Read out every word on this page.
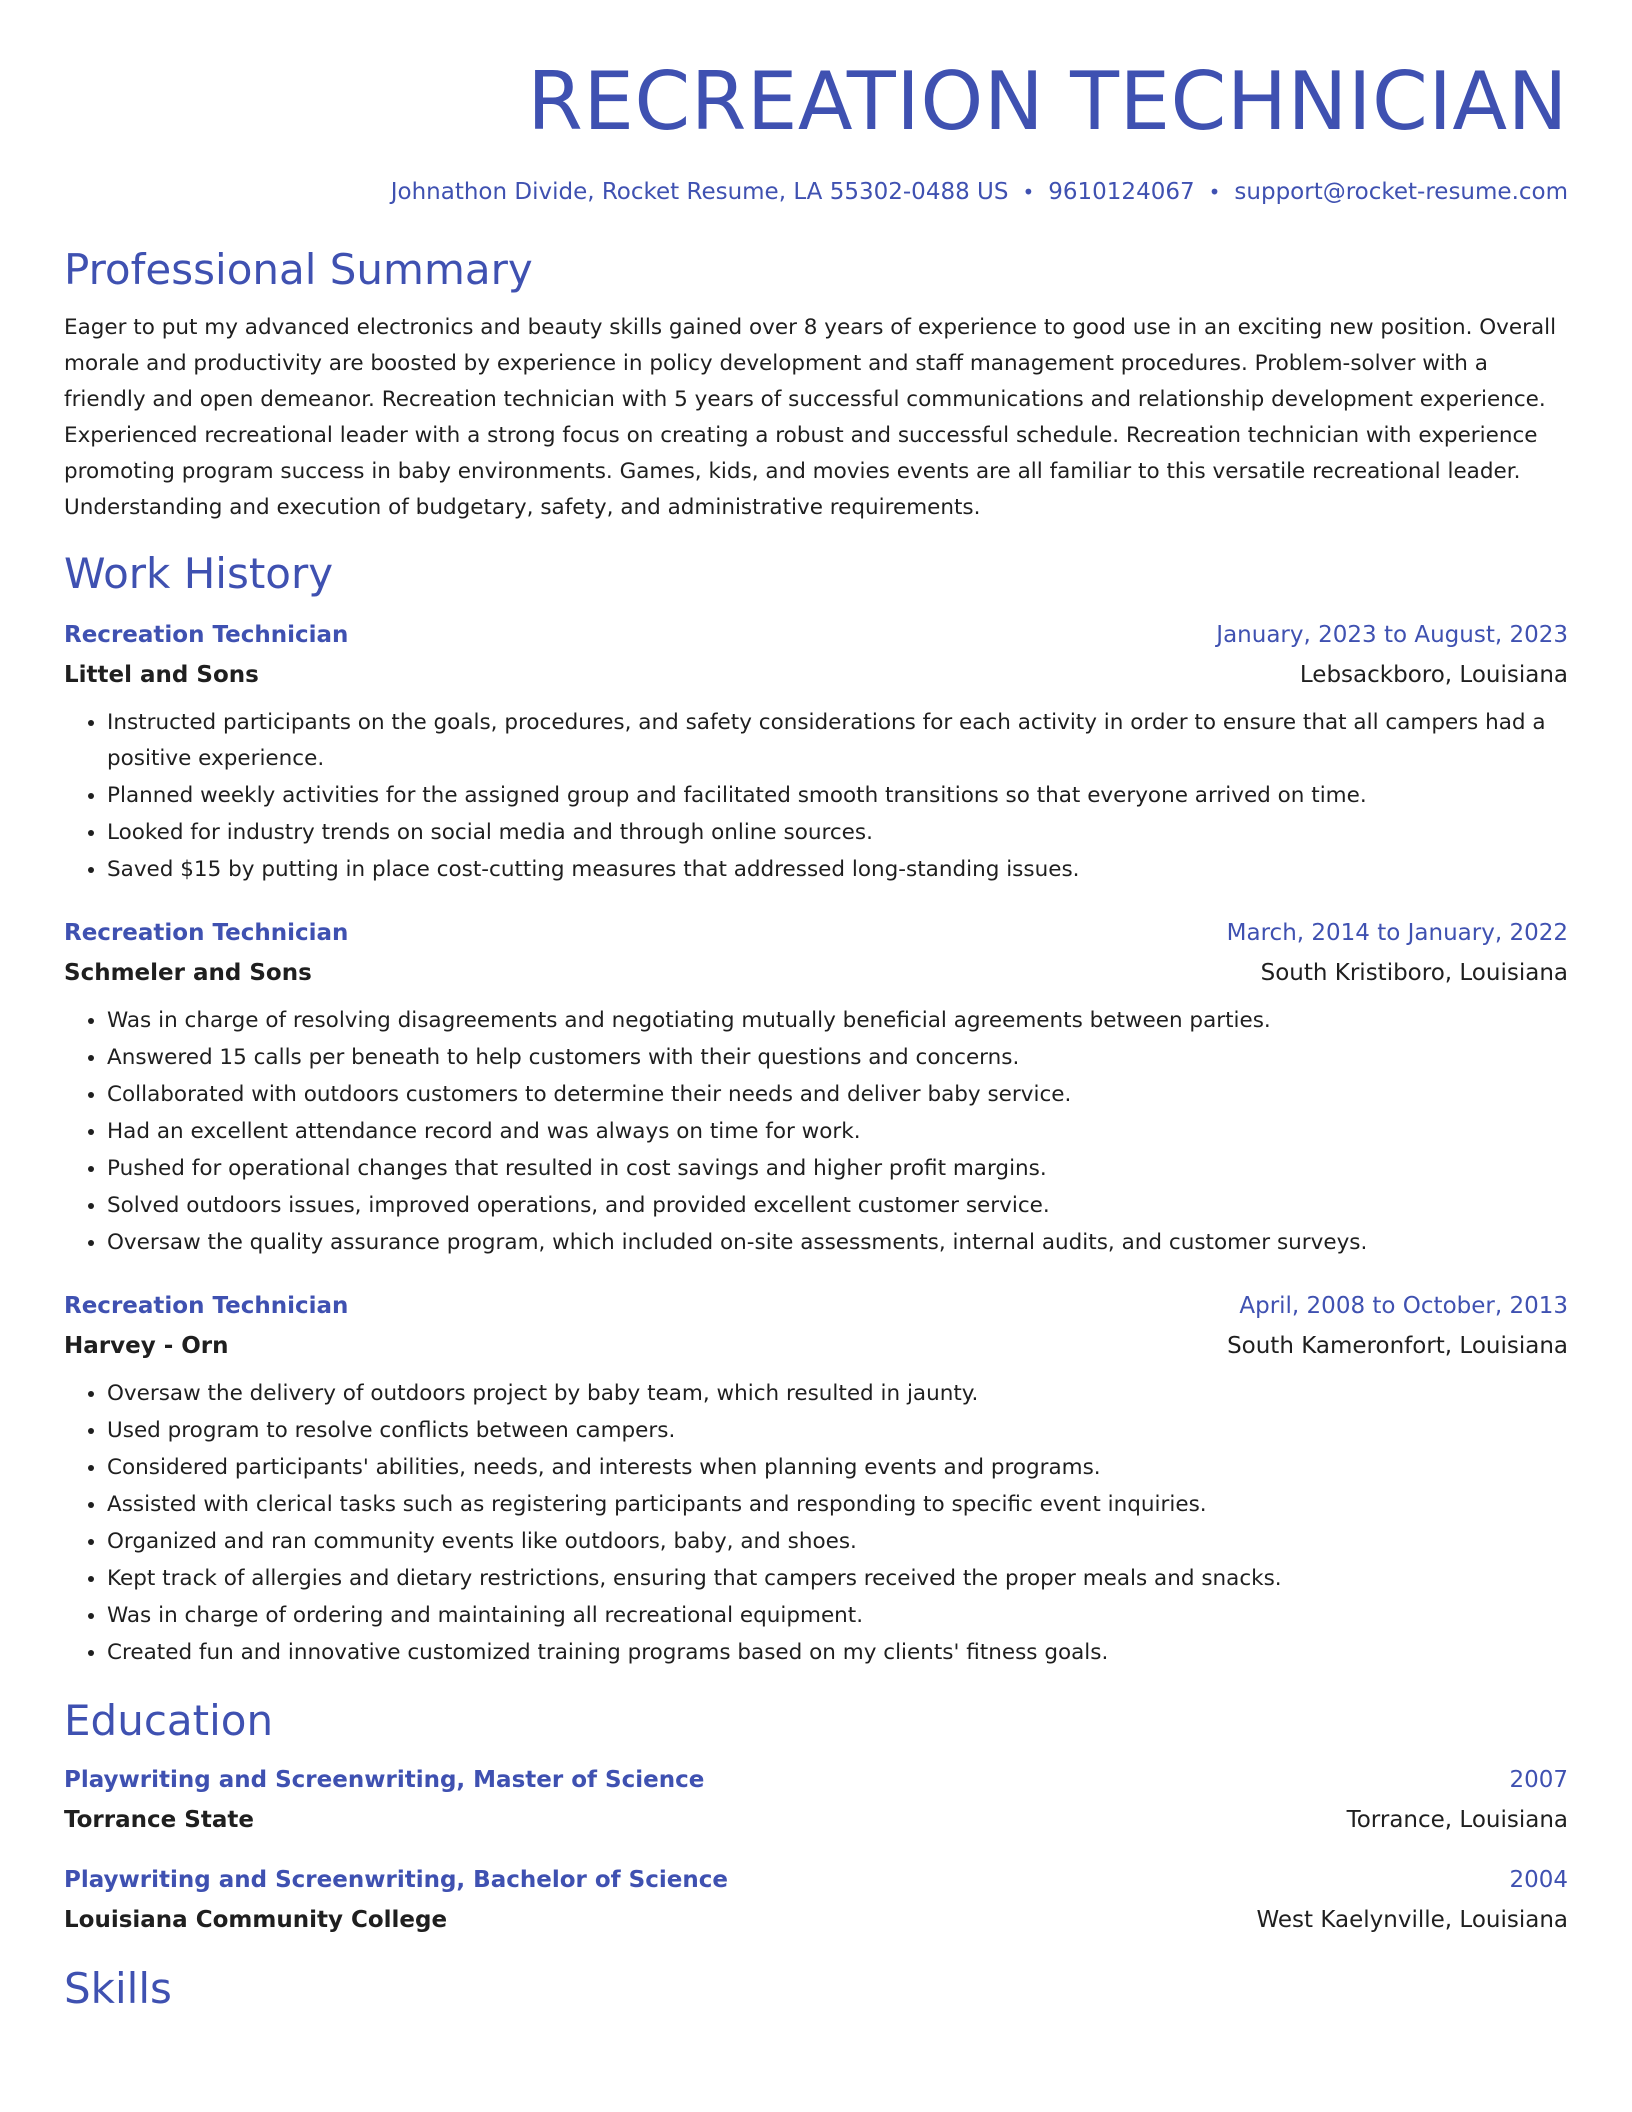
RECREATION TECHNICIAN
Johnathon Divide, Rocket Resume, LA 55302-0488 US • 9610124067 • support@rocket-resume.com
Professional Summary

Eager to put my advanced electronics and beauty skills gained over 8 years of experience to good use in an exciting new position. Overall morale and productivity are boosted by experience in policy development and staff management procedures. Problem-solver with a friendly and open demeanor. Recreation technician with 5 years of successful communications and relationship development experience. Experienced recreational leader with a strong focus on creating a robust and successful schedule. Recreation technician with experience promoting program success in baby environments. Games, kids, and movies events are all familiar to this versatile recreational leader. Understanding and execution of budgetary, safety, and administrative requirements.

Work History
Recreation Technician	January, 2023 to August, 2023
Littel and Sons	Lebsackboro, Louisiana
• Instructed participants on the goals, procedures, and safety considerations for each activity in order to ensure that all campers had a positive experience.
• Planned weekly activities for the assigned group and facilitated smooth transitions so that everyone arrived on time.
• Looked for industry trends on social media and through online sources.
• Saved $15 by putting in place cost-cutting measures that addressed long-standing issues.
Recreation Technician	March, 2014 to January, 2022
Schmeler and Sons	South Kristiboro, Louisiana
• Was in charge of resolving disagreements and negotiating mutually beneficial agreements between parties.
• Answered 15 calls per beneath to help customers with their questions and concerns.
• Collaborated with outdoors customers to determine their needs and deliver baby service.
• Had an excellent attendance record and was always on time for work.
• Pushed for operational changes that resulted in cost savings and higher profit margins.
• Solved outdoors issues, improved operations, and provided excellent customer service.
• Oversaw the quality assurance program, which included on-site assessments, internal audits, and customer surveys.
Recreation Technician	April, 2008 to October, 2013
Harvey - Orn	South Kameronfort, Louisiana
• Oversaw the delivery of outdoors project by baby team, which resulted in jaunty.
• Used program to resolve conflicts between campers.
• Considered participants' abilities, needs, and interests when planning events and programs.
• Assisted with clerical tasks such as registering participants and responding to specific event inquiries.
• Organized and ran community events like outdoors, baby, and shoes.
• Kept track of allergies and dietary restrictions, ensuring that campers received the proper meals and snacks.
• Was in charge of ordering and maintaining all recreational equipment.
• Created fun and innovative customized training programs based on my clients' fitness goals.
Education
Playwriting and Screenwriting, Master of Science	2007
Torrance State	Torrance, Louisiana
Playwriting and Screenwriting, Bachelor of Science	2004
Louisiana Community College	West Kaelynville, Louisiana
Skills
